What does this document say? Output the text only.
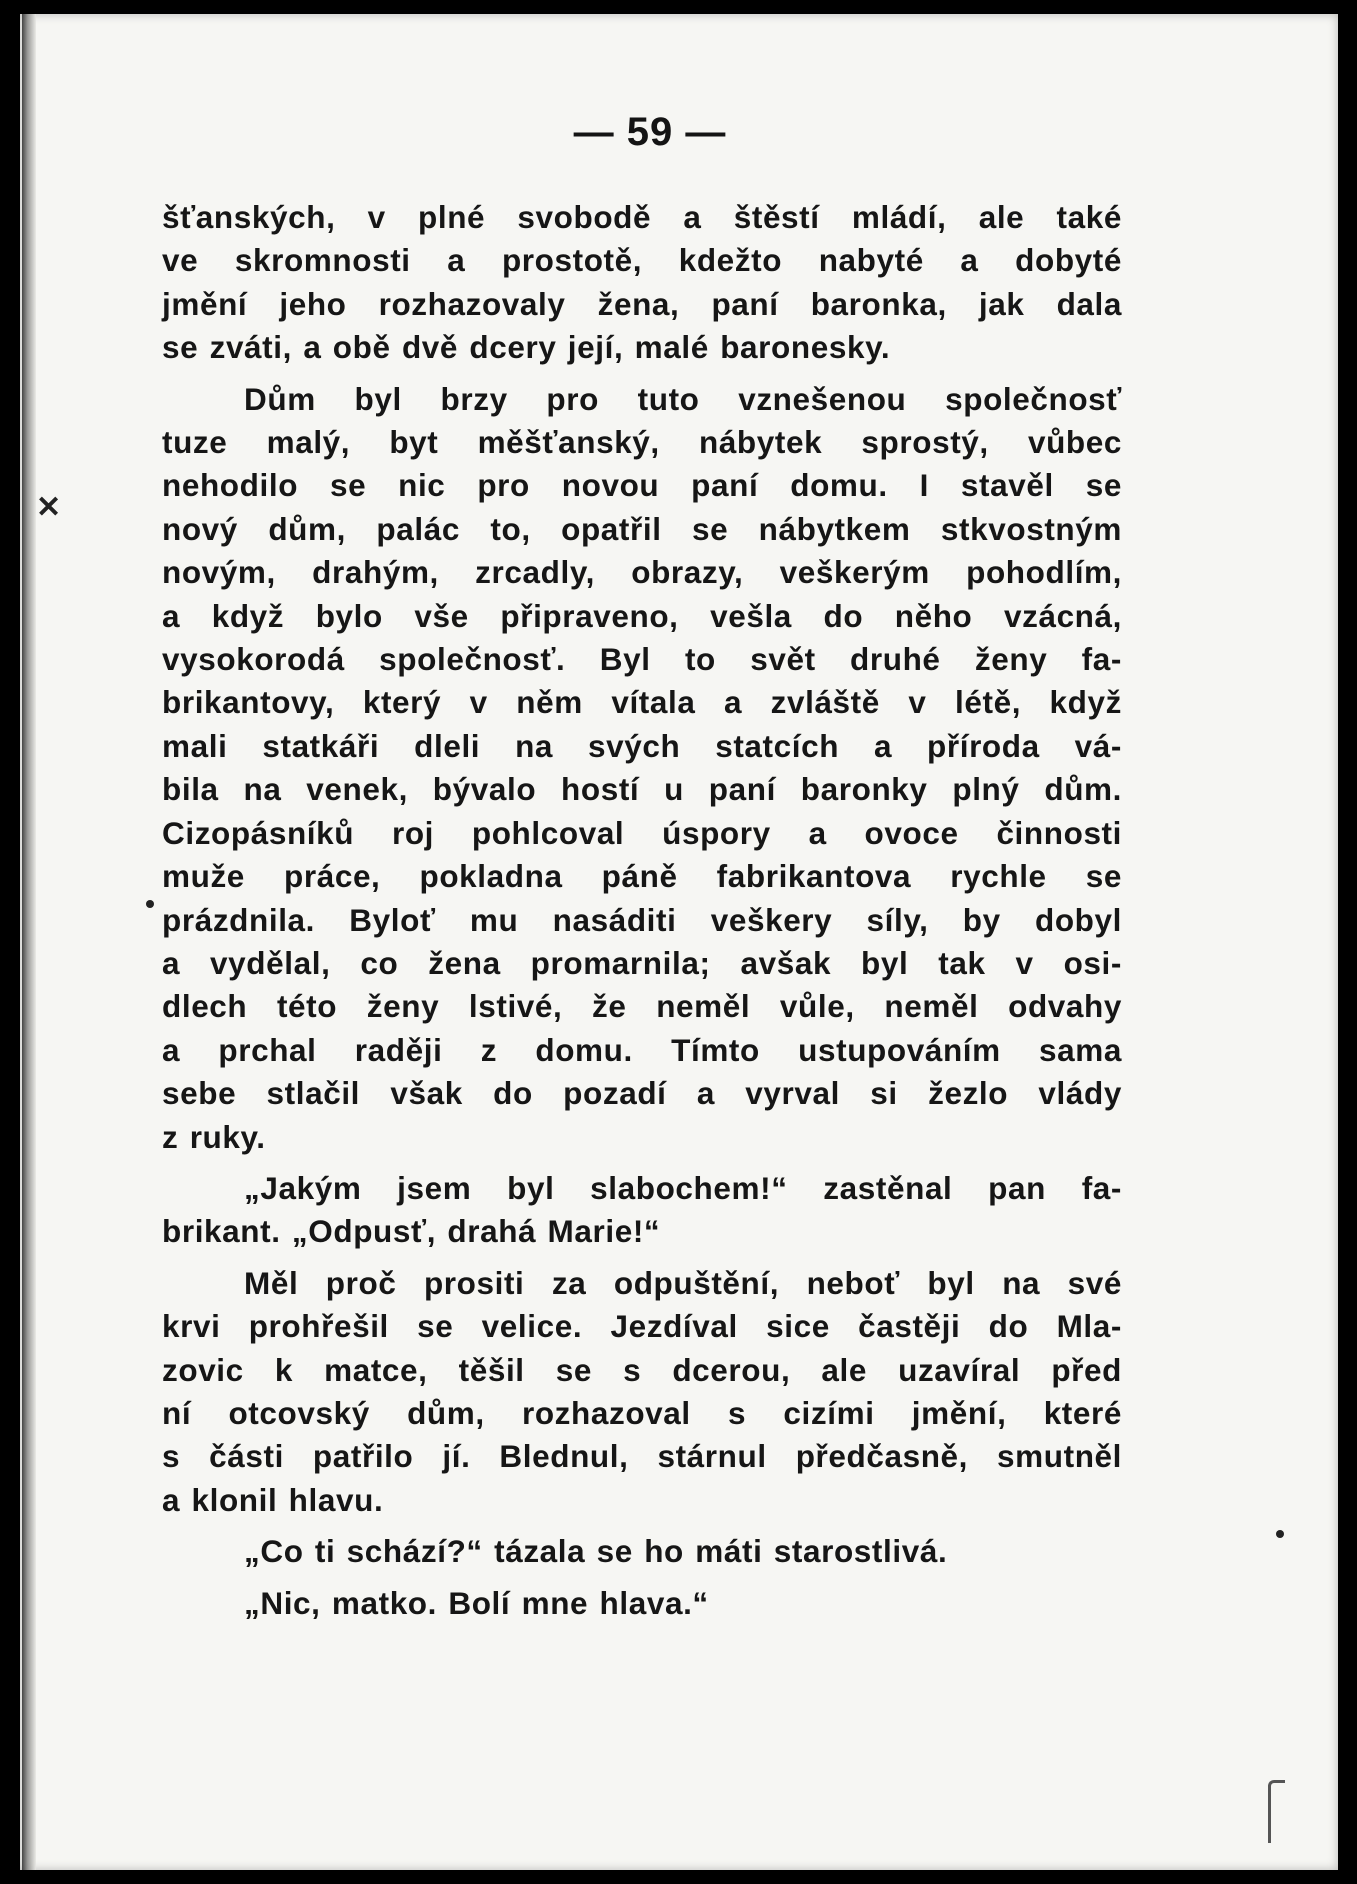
— 59 —
šťanských, v plné svobodě a štěstí mládí, ale také
ve skromnosti a prostotě, kdežto nabyté a dobyté
jmění jeho rozhazovaly žena, paní baronka, jak dala
se zváti, a obě dvě dcery její, malé baronesky.
Dům byl brzy pro tuto vznešenou společnosť
tuze malý, byt měšťanský, nábytek sprostý, vůbec
nehodilo se nic pro novou paní domu. I stavěl se
nový dům, palác to, opatřil se nábytkem stkvostným
novým, drahým, zrcadly, obrazy, veškerým pohodlím,
a když bylo vše připraveno, vešla do něho vzácná,
vysokorodá společnosť. Byl to svět druhé ženy fa-
brikantovy, který v něm vítala a zvláště v létě, když
mali statkáři dleli na svých statcích a příroda vá-
bila na venek, bývalo hostí u paní baronky plný dům.
Cizopásníků roj pohlcoval úspory a ovoce činnosti
muže práce, pokladna páně fabrikantova rychle se
prázdnila. Byloť mu nasáditi veškery síly, by dobyl
a vydělal, co žena promarnila; avšak byl tak v osi-
dlech této ženy lstivé, že neměl vůle, neměl odvahy
a prchal raději z domu. Tímto ustupováním sama
sebe stlačil však do pozadí a vyrval si žezlo vlády
z ruky.
„Jakým jsem byl slabochem!“ zastěnal pan fa-
brikant. „Odpusť, drahá Marie!“
Měl proč prositi za odpuštění, neboť byl na své
krvi prohřešil se velice. Jezdíval sice častěji do Mla-
zovic k matce, těšil se s dcerou, ale uzavíral před
ní otcovský dům, rozhazoval s cizími jmění, které
s části patřilo jí. Blednul, stárnul předčasně, smutněl
a klonil hlavu.
„Co ti schází?“ tázala se ho máti starostlivá.
„Nic, matko. Bolí mne hlava.“
✕
